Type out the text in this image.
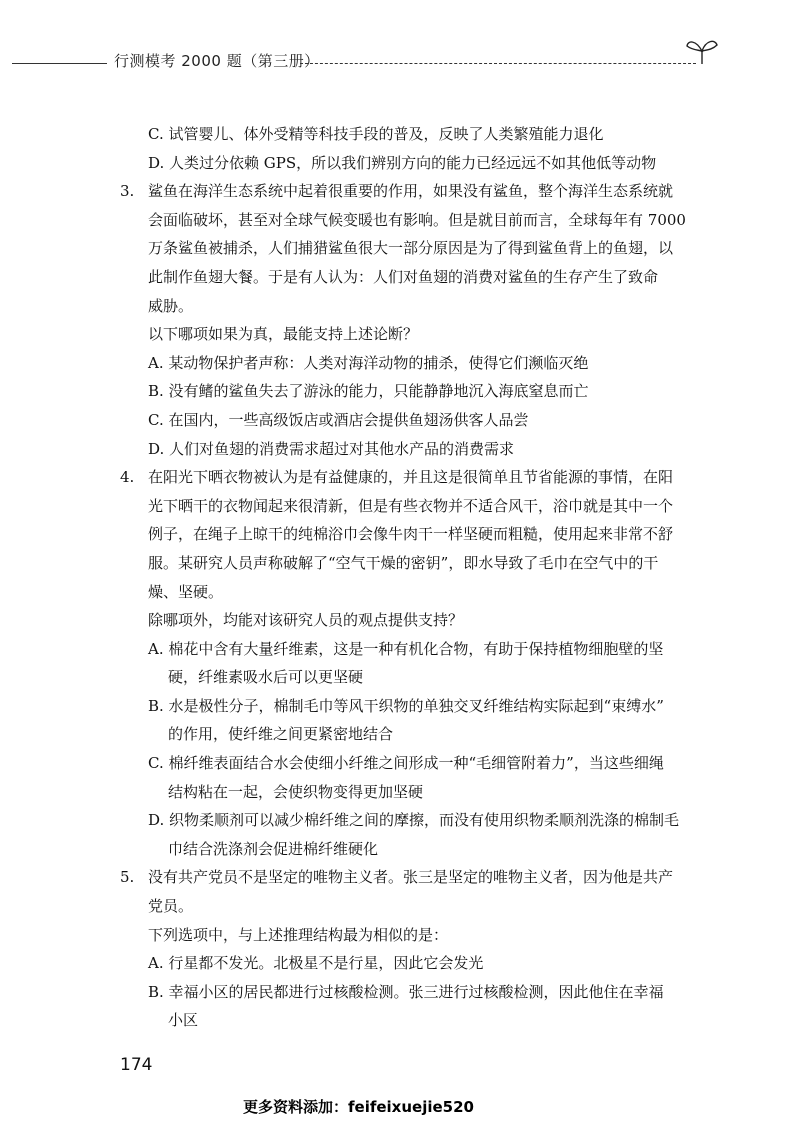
行测模考 2000 题（第三册）

C. 试管婴儿、体外受精等科技手段的普及，反映了人类繁殖能力退化

D. 人类过分依赖 GPS，所以我们辨别方向的能力已经远远不如其他低等动物

3. 鲨鱼在海洋生态系统中起着很重要的作用，如果没有鲨鱼，整个海洋生态系统就

会面临破坏，甚至对全球气候变暖也有影响。但是就目前而言，全球每年有 7000

万条鲨鱼被捕杀，人们捕猎鲨鱼很大一部分原因是为了得到鲨鱼背上的鱼翅，以

此制作鱼翅大餐。于是有人认为：人们对鱼翅的消费对鲨鱼的生存产生了致命

威胁。

以下哪项如果为真，最能支持上述论断？

A. 某动物保护者声称：人类对海洋动物的捕杀，使得它们濒临灭绝

B. 没有鳍的鲨鱼失去了游泳的能力，只能静静地沉入海底窒息而亡

C. 在国内，一些高级饭店或酒店会提供鱼翅汤供客人品尝

D. 人们对鱼翅的消费需求超过对其他水产品的消费需求

4. 在阳光下晒衣物被认为是有益健康的，并且这是很简单且节省能源的事情，在阳

光下晒干的衣物闻起来很清新，但是有些衣物并不适合风干，浴巾就是其中一个

例子，在绳子上晾干的纯棉浴巾会像牛肉干一样坚硬而粗糙，使用起来非常不舒

服。某研究人员声称破解了“空气干燥的密钥”，即水导致了毛巾在空气中的干

燥、坚硬。

除哪项外，均能对该研究人员的观点提供支持？

A. 棉花中含有大量纤维素，这是一种有机化合物，有助于保持植物细胞壁的坚

硬，纤维素吸水后可以更坚硬

B. 水是极性分子，棉制毛巾等风干织物的单独交叉纤维结构实际起到“束缚水”

的作用，使纤维之间更紧密地结合

C. 棉纤维表面结合水会使细小纤维之间形成一种“毛细管附着力”，当这些细绳

结构粘在一起，会使织物变得更加坚硬

D. 织物柔顺剂可以减少棉纤维之间的摩擦，而没有使用织物柔顺剂洗涤的棉制毛

巾结合洗涤剂会促进棉纤维硬化

5. 没有共产党员不是坚定的唯物主义者。张三是坚定的唯物主义者，因为他是共产

党员。

下列选项中，与上述推理结构最为相似的是：

A. 行星都不发光。北极星不是行星，因此它会发光

B. 幸福小区的居民都进行过核酸检测。张三进行过核酸检测，因此他住在幸福

小区

174
更多资料添加：feifeixuejie520
